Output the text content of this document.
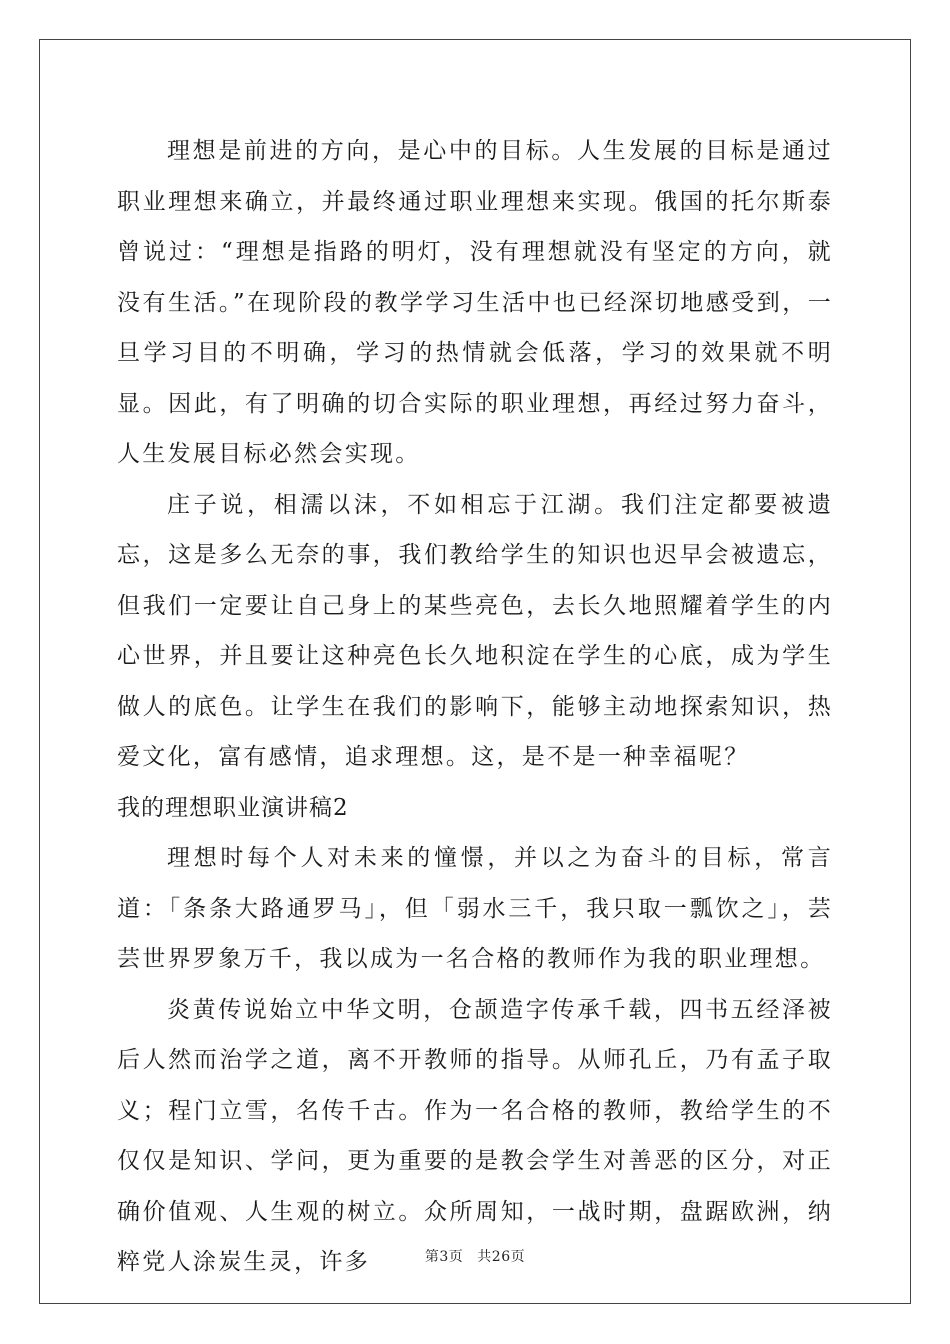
理想是前进的方向，是心中的目标。人生发展的目标是通过职业理想来确立，并最终通过职业理想来实现。俄国的托尔斯泰曾说过：“理想是指路的明灯，没有理想就没有坚定的方向，就没有生活。”在现阶段的教学学习生活中也已经深切地感受到，一旦学习目的不明确，学习的热情就会低落，学习的效果就不明显。因此，有了明确的切合实际的职业理想，再经过努力奋斗，人生发展目标必然会实现。

庄子说，相濡以沫，不如相忘于江湖。我们注定都要被遗忘，这是多么无奈的事，我们教给学生的知识也迟早会被遗忘，但我们一定要让自己身上的某些亮色，去长久地照耀着学生的内心世界，并且要让这种亮色长久地积淀在学生的心底，成为学生做人的底色。让学生在我们的影响下，能够主动地探索知识，热爱文化，富有感情，追求理想。这，是不是一种幸福呢？

我的理想职业演讲稿2

理想时每个人对未来的憧憬，并以之为奋斗的目标，常言道：「条条大路通罗马」，但「弱水三千，我只取一瓢饮之」，芸芸世界罗象万千，我以成为一名合格的教师作为我的职业理想。

炎黄传说始立中华文明，仓颉造字传承千载，四书五经泽被后人然而治学之道，离不开教师的指导。从师孔丘，乃有孟子取义；程门立雪，名传千古。作为一名合格的教师，教给学生的不仅仅是知识、学问，更为重要的是教会学生对善恶的区分，对正确价值观、人生观的树立。众所周知，一战时期，盘踞欧洲，纳粹党人涂炭生灵，许多	第3页 共26页
